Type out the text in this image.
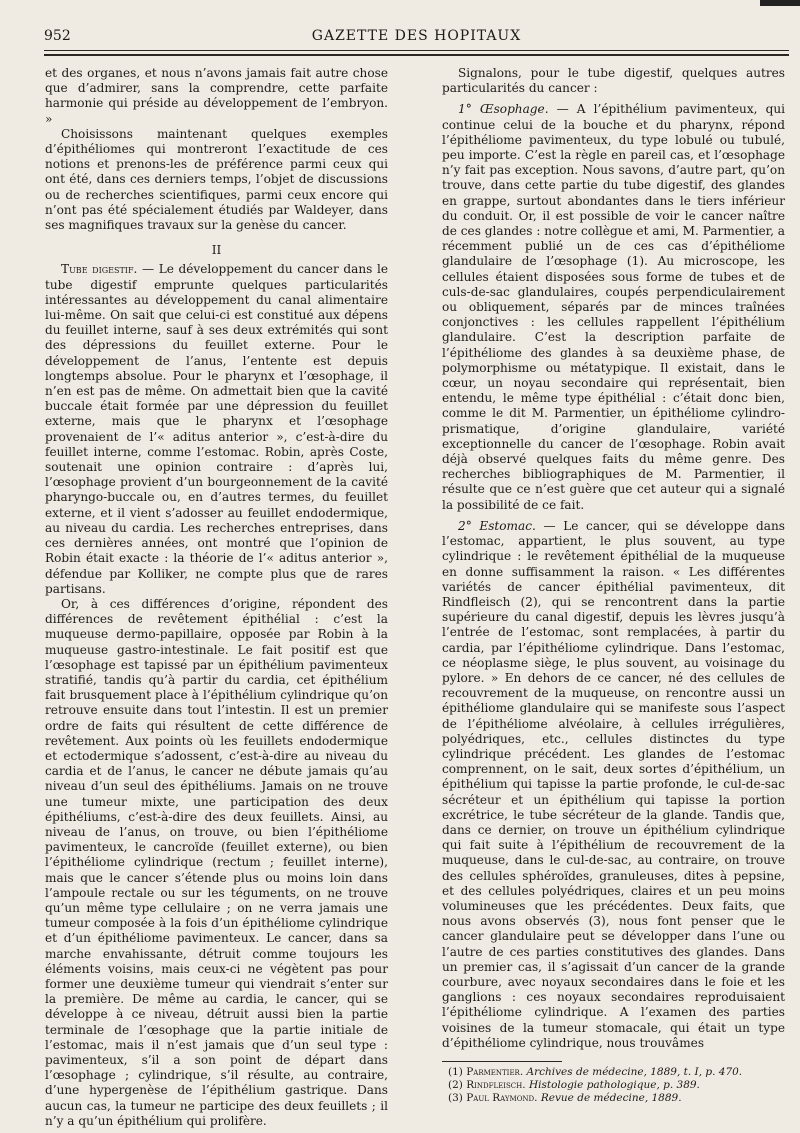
952	GAZETTE DES HOPITAUX

et des organes, et nous n’avons jamais fait autre chose que d’admirer, sans la comprendre, cette parfaite harmonie qui préside au développement de l’embryon. »

Choisissons maintenant quelques exemples d’épithéliomes qui montreront l’exactitude de ces notions et prenons-les de préférence parmi ceux qui ont été, dans ces derniers temps, l’objet de discussions ou de recherches scientifiques, parmi ceux encore qui n’ont pas été spécialement étudiés par Waldeyer, dans ses magnifiques travaux sur la genèse du cancer.

II

Tube digestif. — Le développement du cancer dans le tube digestif emprunte quelques particularités intéressantes au développement du canal alimentaire lui-même. On sait que celui-ci est constitué aux dépens du feuillet interne, sauf à ses deux extrémités qui sont des dépressions du feuillet externe. Pour le développement de l’anus, l’entente est depuis longtemps absolue. Pour le pharynx et l’œsophage, il n’en est pas de même. On admettait bien que la cavité buccale était formée par une dépression du feuillet externe, mais que le pharynx et l’œsophage provenaient de l’« aditus anterior », c’est-à-dire du feuillet interne, comme l’estomac. Robin, après Coste, soutenait une opinion contraire : d’après lui, l’œsophage provient d’un bourgeonnement de la cavité pharyngo-buccale ou, en d’autres termes, du feuillet externe, et il vient s’adosser au feuillet endodermique, au niveau du cardia. Les recherches entreprises, dans ces dernières années, ont montré que l’opinion de Robin était exacte : la théorie de l’« aditus anterior », défendue par Kolliker, ne compte plus que de rares partisans.

Or, à ces différences d’origine, répondent des différences de revêtement épithélial : c’est la muqueuse dermo-papillaire, opposée par Robin à la muqueuse gastro-intestinale. Le fait positif est que l’œsophage est tapissé par un épithélium pavimenteux stratifié, tandis qu’à partir du cardia, cet épithélium fait brusquement place à l’épithélium cylindrique qu’on retrouve ensuite dans tout l’intestin. Il est un premier ordre de faits qui résultent de cette différence de revêtement. Aux points où les feuillets endodermique et ectodermique s’adossent, c’est-à-dire au niveau du cardia et de l’anus, le cancer ne débute jamais qu’au niveau d’un seul des épithéliums. Jamais on ne trouve une tumeur mixte, une participation des deux épithéliums, c’est-à-dire des deux feuillets. Ainsi, au niveau de l’anus, on trouve, ou bien l’épithéliome pavimenteux, le cancroïde (feuillet externe), ou bien l’épithéliome cylindrique (rectum ; feuillet interne), mais que le cancer s’étende plus ou moins loin dans l’ampoule rectale ou sur les téguments, on ne trouve qu’un même type cellulaire ; on ne verra jamais une tumeur composée à la fois d’un épithéliome cylindrique et d’un épithéliome pavimenteux. Le cancer, dans sa marche envahissante, détruit comme toujours les éléments voisins, mais ceux-ci ne végètent pas pour former une deuxième tumeur qui viendrait s’enter sur la première. De même au cardia, le cancer, qui se développe à ce niveau, détruit aussi bien la partie terminale de l’œsophage que la partie initiale de l’estomac, mais il n’est jamais que d’un seul type : pavimenteux, s’il a son point de départ dans l’œsophage ; cylindrique, s’il résulte, au contraire, d’une hypergenèse de l’épithélium gastrique. Dans aucun cas, la tumeur ne participe des deux feuillets ; il n’y a qu’un épithélium qui prolifère.

Signalons, pour le tube digestif, quelques autres particularités du cancer :

1° Œsophage. — A l’épithélium pavimenteux, qui continue celui de la bouche et du pharynx, répond l’épithéliome pavimenteux, du type lobulé ou tubulé, peu importe. C’est la règle en pareil cas, et l’œsophage n’y fait pas exception. Nous savons, d’autre part, qu’on trouve, dans cette partie du tube digestif, des glandes en grappe, surtout abondantes dans le tiers inférieur du conduit. Or, il est possible de voir le cancer naître de ces glandes : notre collègue et ami, M. Parmentier, a récemment publié un de ces cas d’épithéliome glandulaire de l’œsophage (1). Au microscope, les cellules étaient disposées sous forme de tubes et de culs-de-sac glandulaires, coupés perpendiculairement ou obliquement, séparés par de minces traînées conjonctives : les cellules rappellent l’épithélium glandulaire. C’est la description parfaite de l’épithéliome des glandes à sa deuxième phase, de polymorphisme ou métatypique. Il existait, dans le cœur, un noyau secondaire qui représentait, bien entendu, le même type épithélial : c’était donc bien, comme le dit M. Parmentier, un épithéliome cylindro-prismatique, d’origine glandulaire, variété exceptionnelle du cancer de l’œsophage. Robin avait déjà observé quelques faits du même genre. Des recherches bibliographiques de M. Parmentier, il résulte que ce n’est guère que cet auteur qui a signalé la possibilité de ce fait.

2° Estomac. — Le cancer, qui se développe dans l’estomac, appartient, le plus souvent, au type cylindrique : le revêtement épithélial de la muqueuse en donne suffisamment la raison. « Les différentes variétés de cancer épithélial pavimenteux, dit Rindfleisch (2), qui se rencontrent dans la partie supérieure du canal digestif, depuis les lèvres jusqu’à l’entrée de l’estomac, sont remplacées, à partir du cardia, par l’épithéliome cylindrique. Dans l’estomac, ce néoplasme siège, le plus souvent, au voisinage du pylore. » En dehors de ce cancer, né des cellules de recouvrement de la muqueuse, on rencontre aussi un épithéliome glandulaire qui se manifeste sous l’aspect de l’épithéliome alvéolaire, à cellules irrégulières, polyédriques, etc., cellules distinctes du type cylindrique précédent. Les glandes de l’estomac comprennent, on le sait, deux sortes d’épithélium, un épithélium qui tapisse la partie profonde, le cul-de-sac sécréteur et un épithélium qui tapisse la portion excrétrice, le tube sécréteur de la glande. Tandis que, dans ce dernier, on trouve un épithélium cylindrique qui fait suite à l’épithélium de recouvrement de la muqueuse, dans le cul-de-sac, au contraire, on trouve des cellules sphéroïdes, granuleuses, dites à pepsine, et des cellules polyédriques, claires et un peu moins volumineuses que les précédentes. Deux faits, que nous avons observés (3), nous font penser que le cancer glandulaire peut se développer dans l’une ou l’autre de ces parties constitutives des glandes. Dans un premier cas, il s’agissait d’un cancer de la grande courbure, avec noyaux secondaires dans le foie et les ganglions : ces noyaux secondaires reproduisaient l’épithéliome cylindrique. A l’examen des parties voisines de la tumeur stomacale, qui était un type d’épithéliome cylindrique, nous trouvâmes

(1) Parmentier. Archives de médecine, 1889, t. I, p. 470.

(2) Rindfleisch. Histologie pathologique, p. 389.

(3) Paul Raymond. Revue de médecine, 1889.
